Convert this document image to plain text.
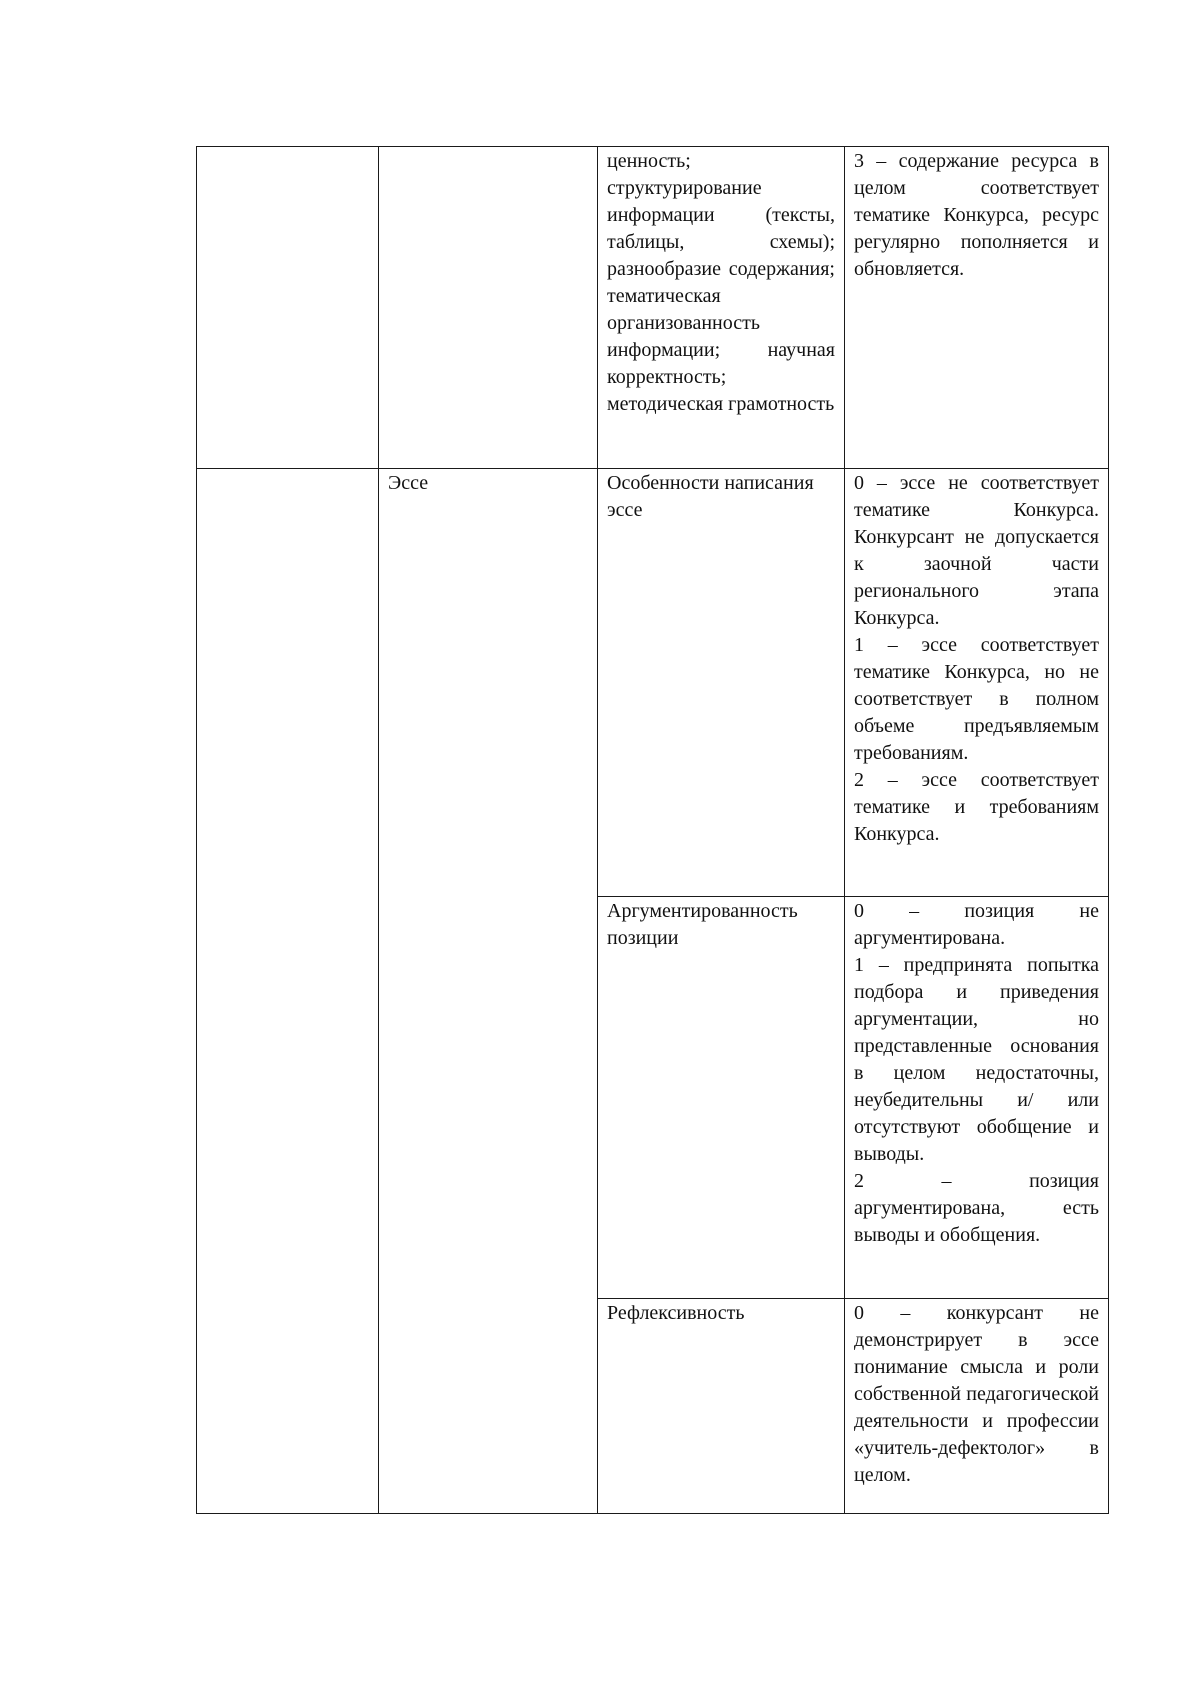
		ценность;
структурирование информации (тексты, таблицы, схемы); разнообразие содержания; тематическая организованность информации; научная корректность; методическая грамотность	3 – содержание ресурса в целом соответствует тематике Конкурса, ресурс регулярно пополняется и обновляется.
	Эссе	Особенности написания эссе	0 – эссе не соответствует тематике Конкурса. Конкурсант не допускается к заочной части регионального этапа Конкурса.

1 – эссе соответствует тематике Конкурса, но не соответствует в полном объеме предъявляемым требованиям.

2 – эссе соответствует тематике и требованиям Конкурса.

		Аргументированность позиции	0 – позиция не аргументирована.

1 – предпринята попытка подбора и приведения аргументации, но представленные основания в целом недостаточны, неубедительны и/ или отсутствуют обобщение и выводы.

2 – позиция аргументирована, есть выводы и обобщения.

		Рефлексивность	0 – конкурсант не демонстрирует в эссе понимание смысла и роли собственной педагогической деятельности и профессии «учитель-дефектолог» в целом.
